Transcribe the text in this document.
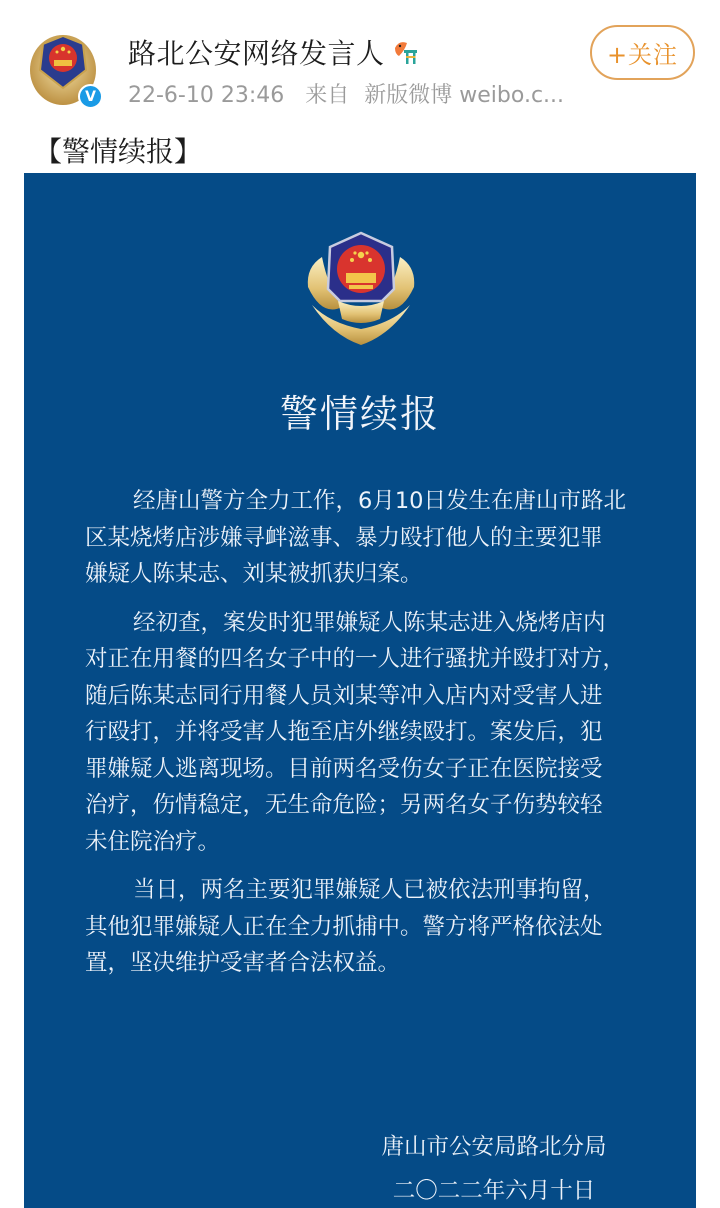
V
路北公安网络发言人
22-6-10 23:46 来自 新版微博 weibo.c...
+关注
【警情续报】
警情续报
经唐山警方全力工作，6月10日发生在唐山市路北
区某烧烤店涉嫌寻衅滋事、暴力殴打他人的主要犯罪
嫌疑人陈某志、刘某被抓获归案。
经初查，案发时犯罪嫌疑人陈某志进入烧烤店内
对正在用餐的四名女子中的一人进行骚扰并殴打对方，
随后陈某志同行用餐人员刘某等冲入店内对受害人进
行殴打，并将受害人拖至店外继续殴打。案发后，犯
罪嫌疑人逃离现场。目前两名受伤女子正在医院接受
治疗，伤情稳定，无生命危险；另两名女子伤势较轻
未住院治疗。
当日，两名主要犯罪嫌疑人已被依法刑事拘留，
其他犯罪嫌疑人正在全力抓捕中。警方将严格依法处
置，坚决维护受害者合法权益。
唐山市公安局路北分局
二〇二二年六月十日
